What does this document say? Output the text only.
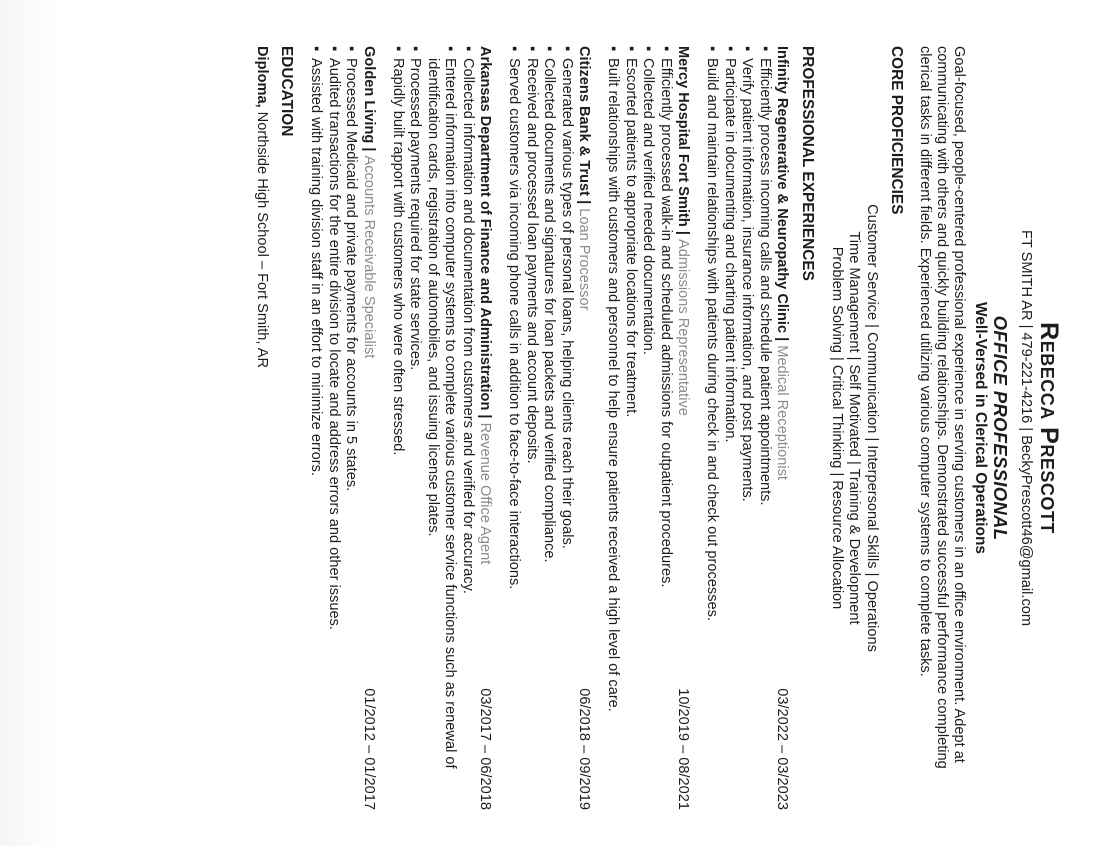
Rebecca Prescott
FT SMITH AR | 479-221-4216 | BeckyPrescott46@gmail.com
OFFICE PROFESSIONAL
Well-Versed in Clerical Operations
Goal-focused, people-centered professional experience in serving customers in an office environment. Adept at communicating with others and quickly building relationships. Demonstrated successful performance completing clerical tasks in different fields. Experienced utilizing various computer systems to complete tasks.
CORE PROFICIENCIES
Customer Service | Communication | Interpersonal Skills | Operations
Time Management | Self Motivated | Training & Development
Problem Solving | Critical Thinking | Resource Allocation
PROFESSIONAL EXPERIENCES
Infinity Regenerative & Neuropathy Clinic | Medical Receptionist
03/2022 – 03/2023
▪ Efficiently process incoming calls and schedule patient appointments.
▪ Verify patient information, insurance information, and post payments.
▪ Participate in documenting and charting patient information.
▪ Build and maintain relationships with patients during check in and check out processes.
Mercy Hospital Fort Smith | Admissions Representative
10/2019 – 08/2021
▪ Efficiently processed walk-in and scheduled admissions for outpatient procedures.
▪ Collected and verified needed documentation.
▪ Escorted patients to appropriate locations for treatment.
▪ Built relationships with customers and personnel to help ensure patients received a high level of care.
Citizens Bank & Trust | Loan Processor
06/2018 – 09/2019
▪ Generated various types of personal loans, helping clients reach their goals.
▪ Collected documents and signatures for loan packets and verified compliance.
▪ Received and processed loan payments and account deposits.
▪ Served customers via incoming phone calls in addition to face-to-face interactions.
Arkansas Department of Finance and Administration | Revenue Office Agent
03/2017 – 06/2018
▪ Collected information and documentation from customers and verified for accuracy.
▪ Entered information into computer systems to complete various customer service functions such as renewal of identification cards, registration of automobiles, and issuing license plates.
▪ Processed payments required for state services.
▪ Rapidly built rapport with customers who were often stressed.
Golden Living | Accounts Receivable Specialist
01/2012 – 01/2017
▪ Processed Medicaid and private payments for accounts in 5 states.
▪ Audited transactions for the entire division to locate and address errors and other issues.
▪ Assisted with training division staff in an effort to minimize errors.
EDUCATION
Diploma, Northside High School – Fort Smith, AR
